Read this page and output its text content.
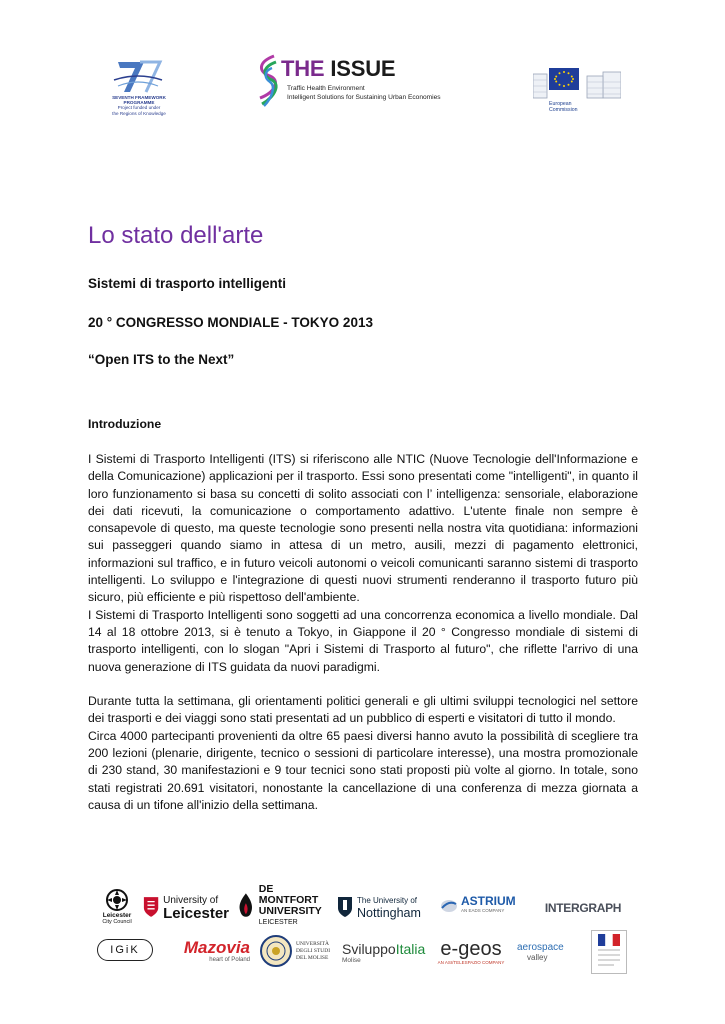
SEVENTH FRAMEWORK
PROGRAMME
Project funded under
the Regions of Knowledge
THE ISSUE
Traffic Health Environment
Intelligent Solutions for Sustaining Urban Economies
European
Commission
Lo stato dell'arte
Sistemi di trasporto intelligenti
20 ° CONGRESSO MONDIALE - TOKYO 2013
“Open ITS to the Next”
Introduzione

I Sistemi di Trasporto Intelligenti (ITS) si riferiscono alle NTIC (Nuove Tecnologie dell'Informazione e della Comunicazione) applicazioni per il trasporto. Essi sono presentati come "intelligenti", in quanto il loro funzionamento si basa su concetti di solito associati con l’ intelligenza: sensoriale, elaborazione dei dati ricevuti, la comunicazione o comportamento adattivo. L'utente finale non sempre è consapevole di questo, ma queste tecnologie sono presenti nella nostra vita quotidiana: informazioni sui passeggeri quando siamo in attesa di un metro, ausili, mezzi di pagamento elettronici, informazioni sul traffico, e in futuro veicoli autonomi o veicoli comunicanti saranno sistemi di trasporto intelligenti. Lo sviluppo e l'integrazione di questi nuovi strumenti renderanno il trasporto futuro più sicuro, più efficiente e più rispettoso dell'ambiente.

I Sistemi di Trasporto Intelligenti sono soggetti ad una concorrenza economica a livello mondiale. Dal 14 al 18 ottobre 2013, si è tenuto a Tokyo, in Giappone il 20 ° Congresso mondiale di sistemi di trasporto intelligenti, con lo slogan "Apri i Sistemi di Trasporto al futuro", che riflette l'arrivo di una nuova generazione di ITS guidata da nuovi paradigmi.

Durante tutta la settimana, gli orientamenti politici generali e gli ultimi sviluppi tecnologici nel settore dei trasporti e dei viaggi sono stati presentati ad un pubblico di esperti e visitatori di tutto il mondo.

Circa 4000 partecipanti provenienti da oltre 65 paesi diversi hanno avuto la possibilità di scegliere tra 200 lezioni (plenarie, dirigente, tecnico o sessioni di particolare interesse), una mostra promozionale di 230 stand, 30 manifestazioni e 9 tour tecnici sono stati proposti più volte al giorno. In totale, sono stati registrati 20.691 visitatori, nonostante la cancellazione di una conferenza di mezza giornata a causa di un tifone all'inizio della settimana.

Leicester
City Council
University of
Leicester
DE MONTFORT
UNIVERSITY
LEICESTER
The University of
Nottingham
ASTRIUM
AN EADS COMPANY	INTERGRAPH
IGiK	Mazovia
heart of Poland
UNIVERSITÀ
DEGLI STUDI
DEL MOLISE
SviluppoItalia
Molise
e-geos
AN ASI/TELESPAZIO COMPANY
aerospace
valley
